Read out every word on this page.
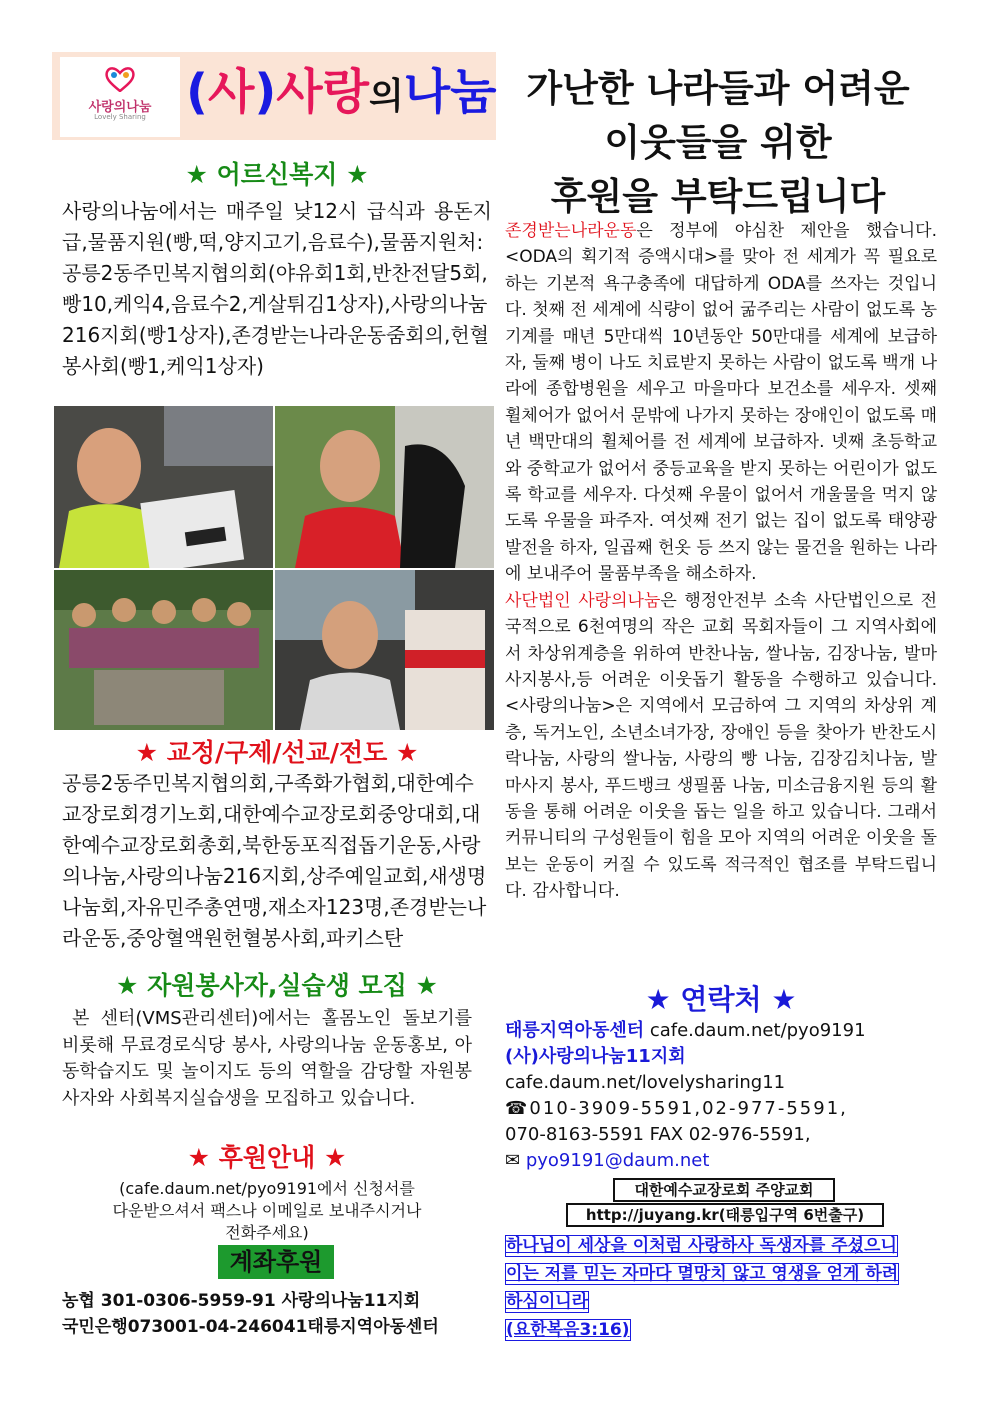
사랑의나눔
Lovely Sharing (사)사랑의나눔 가난한 나라들과 어려운
이웃들을 위한
후원을 부탁드립니다
★ 어르신복지 ★
사랑의나눔에서는 매주일 낮12시 급식과 용돈지급,물품지원(빵,떡,양지고기,음료수),물품지원처:공릉2동주민복지협의회(야유회1회,반찬전달5회,빵10,케익4,음료수2,게살튀김1상자),사랑의나눔216지회(빵1상자),존경받는나라운동줌회의,헌혈봉사회(빵1,케익1상자)
★ 교정/구제/선교/전도 ★
공릉2동주민복지협의회,구족화가협회,대한예수교장로회경기노회,대한예수교장로회중앙대회,대한예수교장로회총회,북한동포직접돕기운동,사랑의나눔,사랑의나눔216지회,상주예일교회,새생명나눔회,자유민주총연맹,재소자123명,존경받는나라운동,중앙혈액원헌혈봉사회,파키스탄
★ 자원봉사자,실습생 모집 ★
본 센터(VMS관리센터)에서는 홀몸노인 돌보기를 비롯해 무료경로식당 봉사, 사랑의나눔 운동홍보, 아동학습지도 및 놀이지도 등의 역할을 감당할 자원봉사자와 사회복지실습생을 모집하고 있습니다.
★ 후원안내 ★
(cafe.daum.net/pyo9191에서 신청서를
다운받으셔서 팩스나 이메일로 보내주시거나
전화주세요)
계좌후원
농협 301-0306-5959-91 사랑의나눔11지회
국민은행073001-04-246041태릉지역아동센터
존경받는나라운동은 정부에 야심찬 제안을 했습니다. <ODA의 획기적 증액시대>를 맞아 전 세계가 꼭 필요로 하는 기본적 욕구충족에 대답하게 ODA를 쓰자는 것입니다. 첫째 전 세계에 식량이 없어 굶주리는 사람이 없도록 농기계를 매년 5만대씩 10년동안 50만대를 세계에 보급하자, 둘째 병이 나도 치료받지 못하는 사람이 없도록 백개 나라에 종합병원을 세우고 마을마다 보건소를 세우자. 셋째 휠체어가 없어서 문밖에 나가지 못하는 장애인이 없도록 매년 백만대의 휠체어를 전 세계에 보급하자. 넷째 초등학교와 중학교가 없어서 중등교육을 받지 못하는 어린이가 없도록 학교를 세우자. 다섯째 우물이 없어서 개울물을 먹지 않도록 우물을 파주자. 여섯째 전기 없는 집이 없도록 태양광 발전을 하자, 일곱째 헌옷 등 쓰지 않는 물건을 원하는 나라에 보내주어 물품부족을 해소하자.
사단법인 사랑의나눔은 행정안전부 소속 사단법인으로 전국적으로 6천여명의 작은 교회 목회자들이 그 지역사회에서 차상위계층을 위하여 반찬나눔, 쌀나눔, 김장나눔, 발마사지봉사,등 어려운 이웃돕기 활동을 수행하고 있습니다. <사랑의나눔>은 지역에서 모금하여 그 지역의 차상위 계층, 독거노인, 소년소녀가장, 장애인 등을 찾아가 반찬도시락나눔, 사랑의 쌀나눔, 사랑의 빵 나눔, 김장김치나눔, 발마사지 봉사, 푸드뱅크 생필품 나눔, 미소금융지원 등의 활동을 통해 어려운 이웃을 돕는 일을 하고 있습니다. 그래서 커뮤니티의 구성원들이 힘을 모아 지역의 어려운 이웃을 돌보는 운동이 커질 수 있도록 적극적인 협조를 부탁드립니다. 감사합니다.
★ 연락처 ★
태릉지역아동센터 cafe.daum.net/pyo9191
(사)사랑의나눔11지회
cafe.daum.net/lovelysharing11
☎010-3909-5591,02-977-5591,
070-8163-5591 FAX 02-976-5591,
✉ pyo9191@daum.net
대한예수교장로회 주양교회
http://juyang.kr(태릉입구역 6번출구)
하나님이 세상을 이처럼 사랑하사 독생자를 주셨으니
이는 저를 믿는 자마다 멸망치 않고 영생을 얻게 하려
하심이니라
(요한복음3:16)
